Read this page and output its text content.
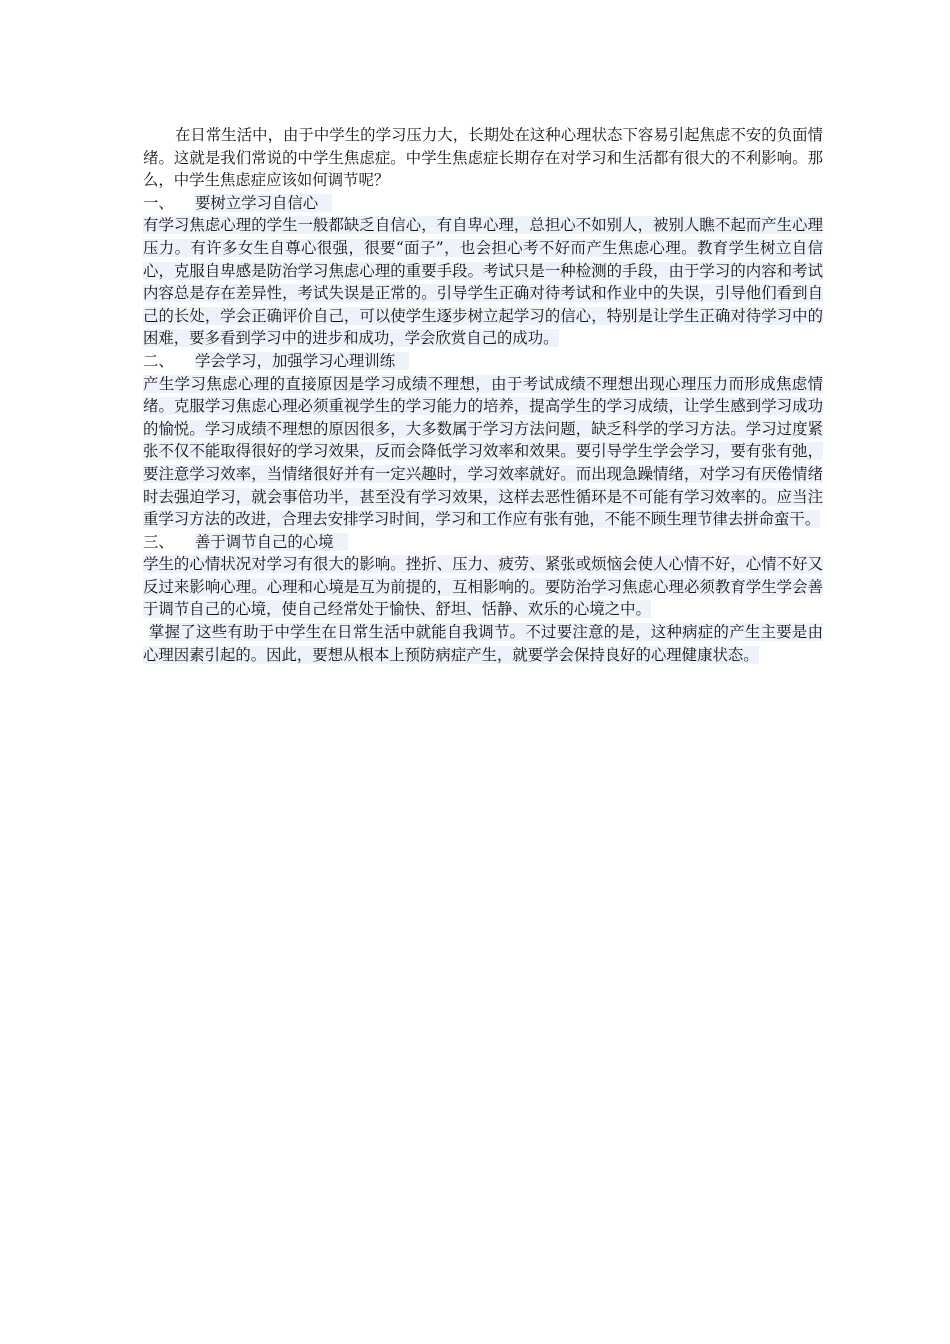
在日常生活中，由于中学生的学习压力大，长期处在这种心理状态下容易引起焦虑不安的负面情绪。这就是我们常说的中学生焦虑症。中学生焦虑症长期存在对学习和生活都有很大的不利影响。那么，中学生焦虑症应该如何调节呢？

一、 要树立学习自信心

有学习焦虑心理的学生一般都缺乏自信心，有自卑心理，总担心不如别人，被别人瞧不起而产生心理压力。有许多女生自尊心很强，很要“面子”，也会担心考不好而产生焦虑心理。教育学生树立自信心，克服自卑感是防治学习焦虑心理的重要手段。考试只是一种检测的手段，由于学习的内容和考试内容总是存在差异性，考试失误是正常的。引导学生正确对待考试和作业中的失误，引导他们看到自己的长处，学会正确评价自己，可以使学生逐步树立起学习的信心，特别是让学生正确对待学习中的困难，要多看到学习中的进步和成功，学会欣赏自己的成功。

二、 学会学习，加强学习心理训练

产生学习焦虑心理的直接原因是学习成绩不理想，由于考试成绩不理想出现心理压力而形成焦虑情绪。克服学习焦虑心理必须重视学生的学习能力的培养，提高学生的学习成绩，让学生感到学习成功的愉悦。学习成绩不理想的原因很多，大多数属于学习方法问题，缺乏科学的学习方法。学习过度紧张不仅不能取得很好的学习效果，反而会降低学习效率和效果。要引导学生学会学习，要有张有弛，要注意学习效率，当情绪很好并有一定兴趣时，学习效率就好。而出现急躁情绪，对学习有厌倦情绪时去强迫学习，就会事倍功半，甚至没有学习效果，这样去恶性循环是不可能有学习效率的。应当注重学习方法的改进，合理去安排学习时间，学习和工作应有张有弛，不能不顾生理节律去拼命蛮干。

三、 善于调节自己的心境

学生的心情状况对学习有很大的影响。挫折、压力、疲劳、紧张或烦恼会使人心情不好，心情不好又反过来影响心理。心理和心境是互为前提的，互相影响的。要防治学习焦虑心理必须教育学生学会善于调节自己的心境，使自己经常处于愉快、舒坦、恬静、欢乐的心境之中。

掌握了这些有助于中学生在日常生活中就能自我调节。不过要注意的是，这种病症的产生主要是由心理因素引起的。因此，要想从根本上预防病症产生，就要学会保持良好的心理健康状态。
